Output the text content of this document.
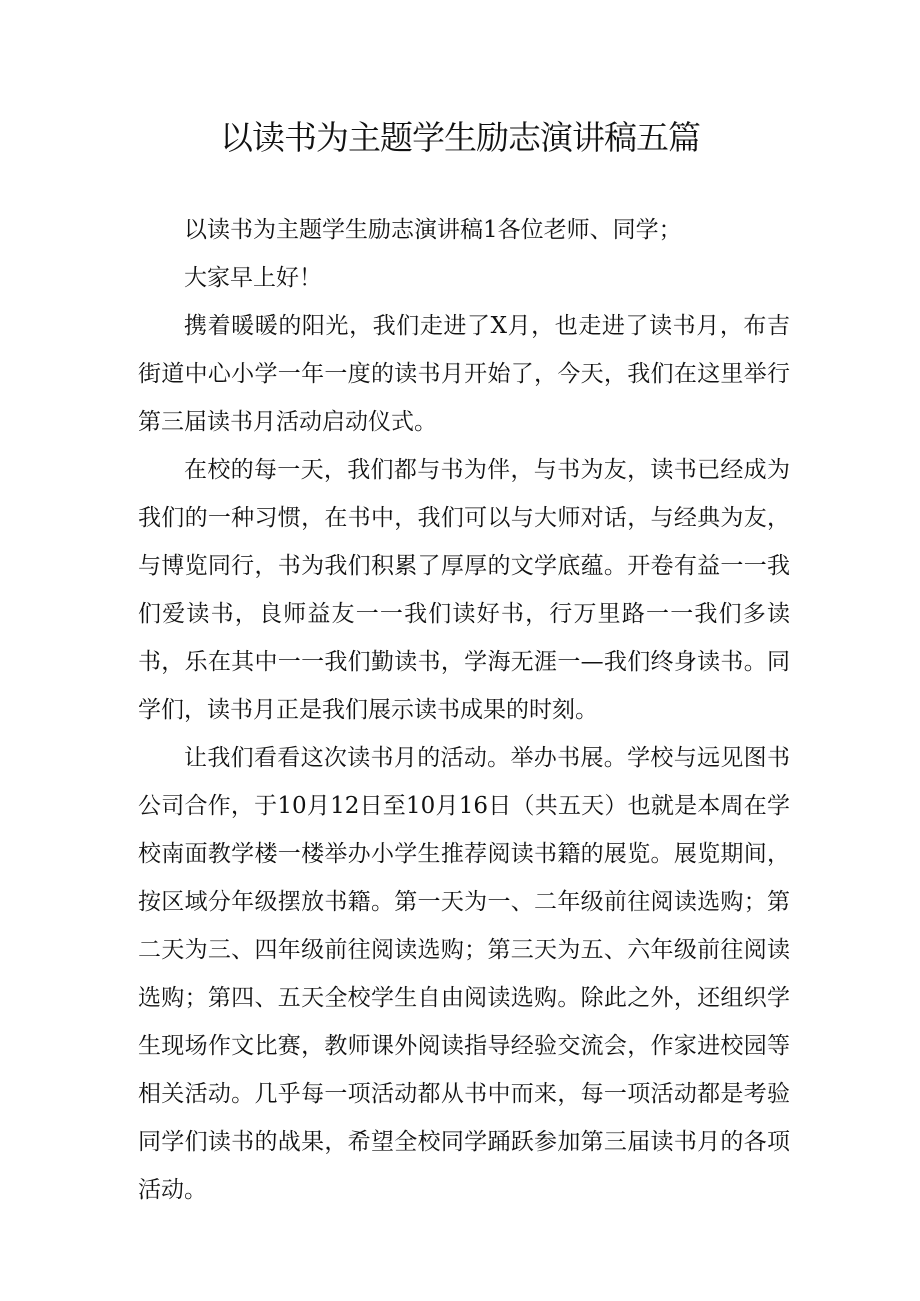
以读书为主题学生励志演讲稿五篇

以读书为主题学生励志演讲稿1各位老师、同学；

大家早上好！

携着暖暖的阳光，我们走进了X月，也走进了读书月，布吉街道中心小学一年一度的读书月开始了，今天，我们在这里举行第三届读书月活动启动仪式。

在校的每一天，我们都与书为伴，与书为友，读书已经成为我们的一种习惯，在书中，我们可以与大师对话，与经典为友，与博览同行，书为我们积累了厚厚的文学底蕴。开卷有益一一我们爱读书，良师益友一一我们读好书，行万里路一一我们多读书，乐在其中一一我们勤读书，学海无涯一—我们终身读书。同学们，读书月正是我们展示读书成果的时刻。

让我们看看这次读书月的活动。举办书展。学校与远见图书公司合作，于10月12日至10月16日（共五天）也就是本周在学校南面教学楼一楼举办小学生推荐阅读书籍的展览。展览期间，按区域分年级摆放书籍。第一天为一、二年级前往阅读选购；第二天为三、四年级前往阅读选购；第三天为五、六年级前往阅读选购；第四、五天全校学生自由阅读选购。除此之外，还组织学生现场作文比赛，教师课外阅读指导经验交流会，作家进校园等相关活动。几乎每一项活动都从书中而来，每一项活动都是考验同学们读书的战果，希望全校同学踊跃参加第三届读书月的各项活动。
